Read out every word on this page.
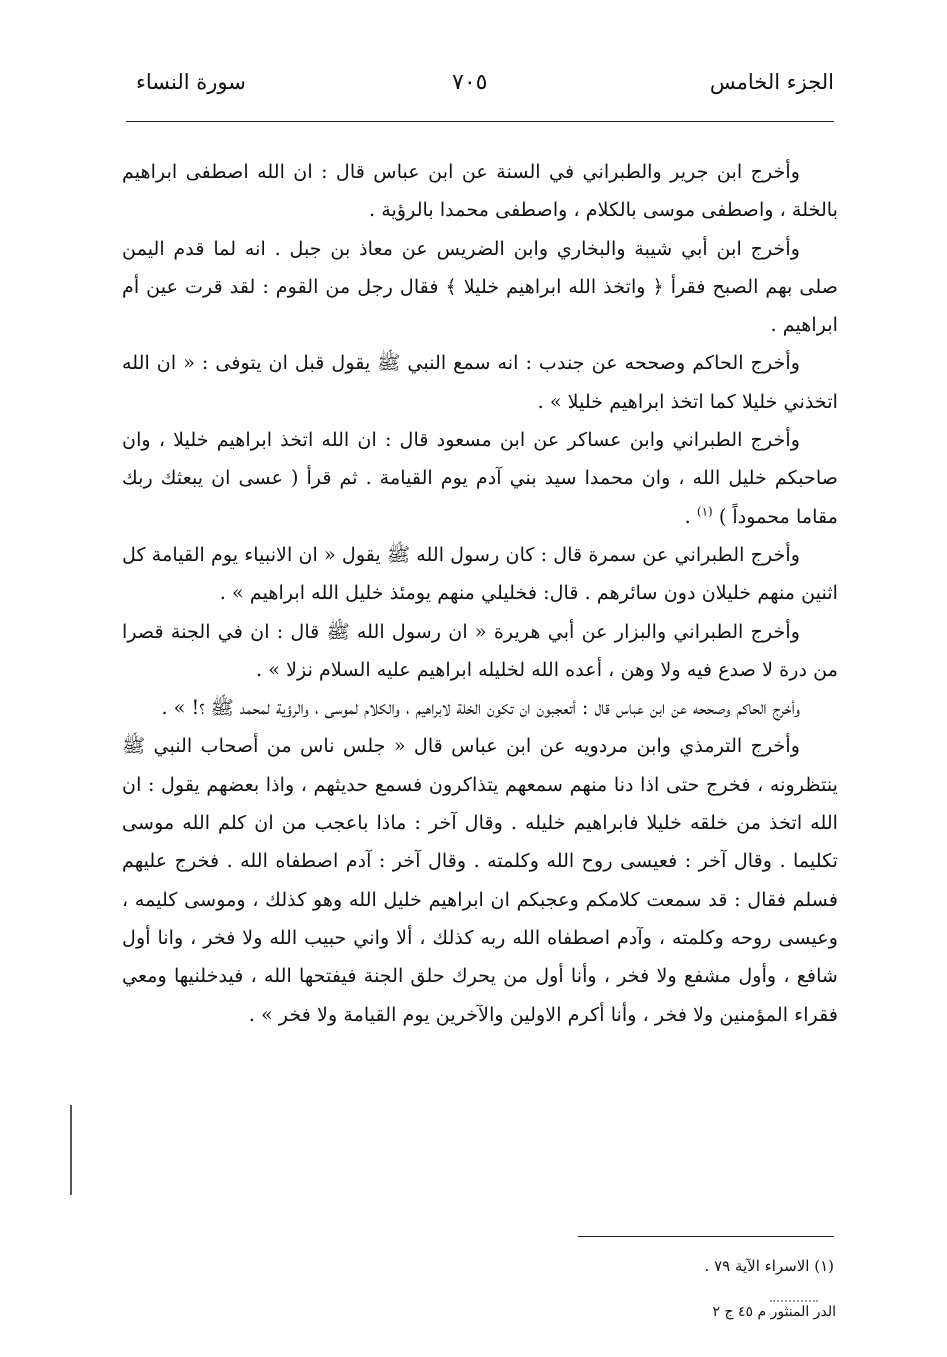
الجزء الخامس
٧٠٥
سورة النساء

وأخرج ابن جرير والطبراني في السنة عن ابن عباس قال : ان الله اصطفى ابراهيم بالخلة ، واصطفى موسى بالكلام ، واصطفى محمدا بالرؤية .

وأخرج ابن أبي شيبة والبخاري وابن الضريس عن معاذ بن جبل . انه لما قدم اليمن صلى بهم الصبح فقرأ ﴿ واتخذ الله ابراهيم خليلا ﴾ فقال رجل من القوم : لقد قرت عين أم ابراهيم .

وأخرج الحاكم وصححه عن جندب : انه سمع النبي ﷺ يقول قبل ان يتوفى : « ان الله اتخذني خليلا كما اتخذ ابراهيم خليلا » .

وأخرج الطبراني وابن عساكر عن ابن مسعود قال : ان الله اتخذ ابراهيم خليلا ، وان صاحبكم خليل الله ، وان محمدا سيد بني آدم يوم القيامة . ثم قرأ ( عسى ان يبعثك ربك مقاما محموداً ) $^{(١)}$ .

وأخرج الطبراني عن سمرة قال : كان رسول الله ﷺ يقول « ان الانبياء يوم القيامة كل اثنين منهم خليلان دون سائرهم . قال: فخليلي منهم يومئذ خليل الله ابراهيم » .

وأخرج الطبراني والبزار عن أبي هريرة « ان رسول الله ﷺ قال : ان في الجنة قصرا من درة لا صدع فيه ولا وهن ، أعده الله لخليله ابراهيم عليه السلام نزلا » .

وأخرج الحاكم وصححه عن ابن عباس قال : أتعجبون ان تكون الخلة لابراهيم ، والكلام لموسى ، والرؤية لمحمد ﷺ ؟! » .

وأخرج الترمذي وابن مردويه عن ابن عباس قال « جلس ناس من أصحاب النبي ﷺ ينتظرونه ، فخرج حتى اذا دنا منهم سمعهم يتذاكرون فسمع حديثهم ، واذا بعضهم يقول : ان الله اتخذ من خلقه خليلا فابراهيم خليله . وقال آخر : ماذا باعجب من ان كلم الله موسى تكليما . وقال آخر : فعيسى روح الله وكلمته . وقال آخر : آدم اصطفاه الله . فخرج عليهم فسلم فقال : قد سمعت كلامكم وعجبكم ان ابراهيم خليل الله وهو كذلك ، وموسى كليمه ، وعيسى روحه وكلمته ، وآدم اصطفاه الله ربه كذلك ، ألا واني حبيب الله ولا فخر ، وانا أول شافع ، وأول مشفع ولا فخر ، وأنا أول من يحرك حلق الجنة فيفتحها الله ، فيدخلنيها ومعي فقراء المؤمنين ولا فخر ، وأنا أكرم الاولين والآخرين يوم القيامة ولا فخر » .

(١) الاسراء الآية ٧٩ .
الدر المنثور م ٤٥ ج ٢
